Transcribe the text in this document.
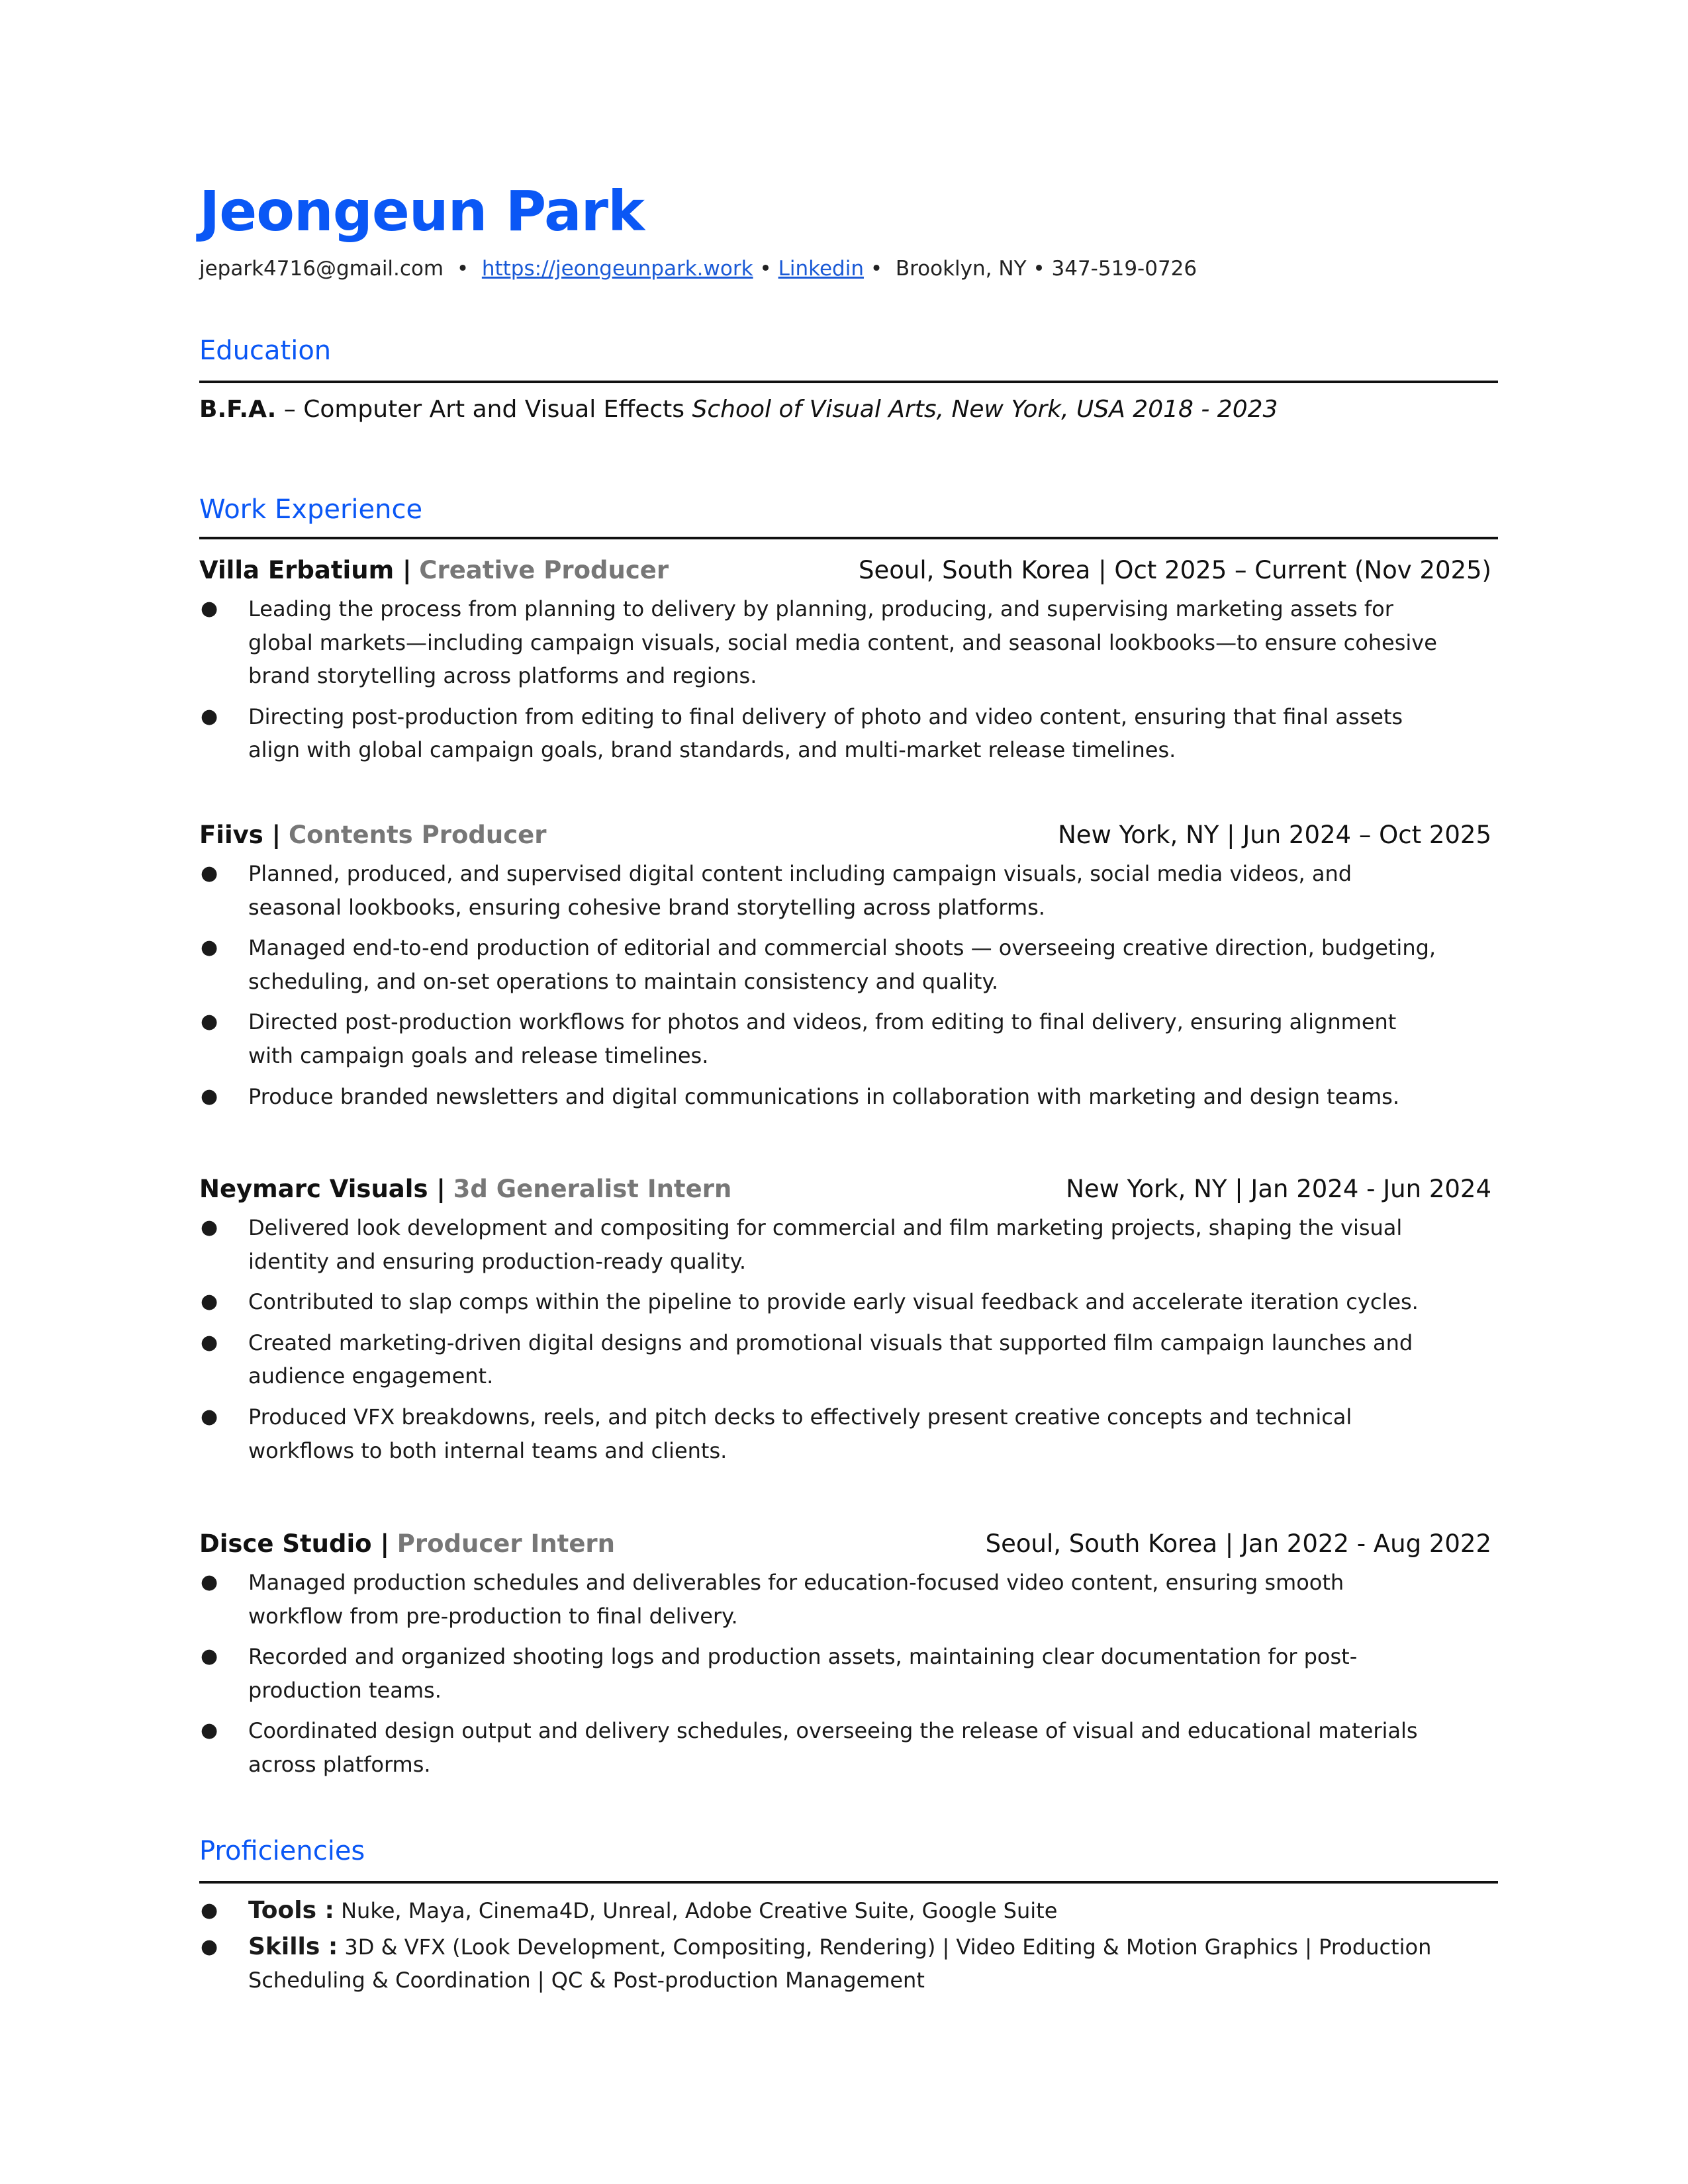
Jeongeun Park
jepark4716@gmail.com • https://jeongeunpark.work • Linkedin • Brooklyn, NY • 347-519-0726
Education
B.F.A. – Computer Art and Visual Effects School of Visual Arts, New York, USA 2018 - 2023
Work Experience
Villa Erbatium | Creative Producer	Seoul, South Korea | Oct 2025 – Current (Nov 2025)
● Leading the process from planning to delivery by planning, producing, and supervising marketing assets for global markets—including campaign visuals, social media content, and seasonal lookbooks—to ensure cohesive brand storytelling across platforms and regions.
● Directing post-production from editing to final delivery of photo and video content, ensuring that final assets align with global campaign goals, brand standards, and multi-market release timelines.
Fiivs | Contents Producer	New York, NY | Jun 2024 – Oct 2025
● Planned, produced, and supervised digital content including campaign visuals, social media videos, and seasonal lookbooks, ensuring cohesive brand storytelling across platforms.
● Managed end-to-end production of editorial and commercial shoots — overseeing creative direction, budgeting, scheduling, and on-set operations to maintain consistency and quality.
● Directed post-production workflows for photos and videos, from editing to final delivery, ensuring alignment with campaign goals and release timelines.
● Produce branded newsletters and digital communications in collaboration with marketing and design teams.
Neymarc Visuals | 3d Generalist Intern	New York, NY | Jan 2024 - Jun 2024
● Delivered look development and compositing for commercial and film marketing projects, shaping the visual identity and ensuring production-ready quality.
● Contributed to slap comps within the pipeline to provide early visual feedback and accelerate iteration cycles.
● Created marketing-driven digital designs and promotional visuals that supported film campaign launches and audience engagement.
● Produced VFX breakdowns, reels, and pitch decks to effectively present creative concepts and technical workflows to both internal teams and clients.
Disce Studio | Producer Intern	Seoul, South Korea | Jan 2022 - Aug 2022
● Managed production schedules and deliverables for education-focused video content, ensuring smooth workflow from pre-production to final delivery.
● Recorded and organized shooting logs and production assets, maintaining clear documentation for post-production teams.
● Coordinated design output and delivery schedules, overseeing the release of visual and educational materials across platforms.
Proficiencies
● Tools : Nuke, Maya, Cinema4D, Unreal, Adobe Creative Suite, Google Suite
● Skills : 3D & VFX (Look Development, Compositing, Rendering) | Video Editing & Motion Graphics | Production Scheduling & Coordination | QC & Post-production Management
